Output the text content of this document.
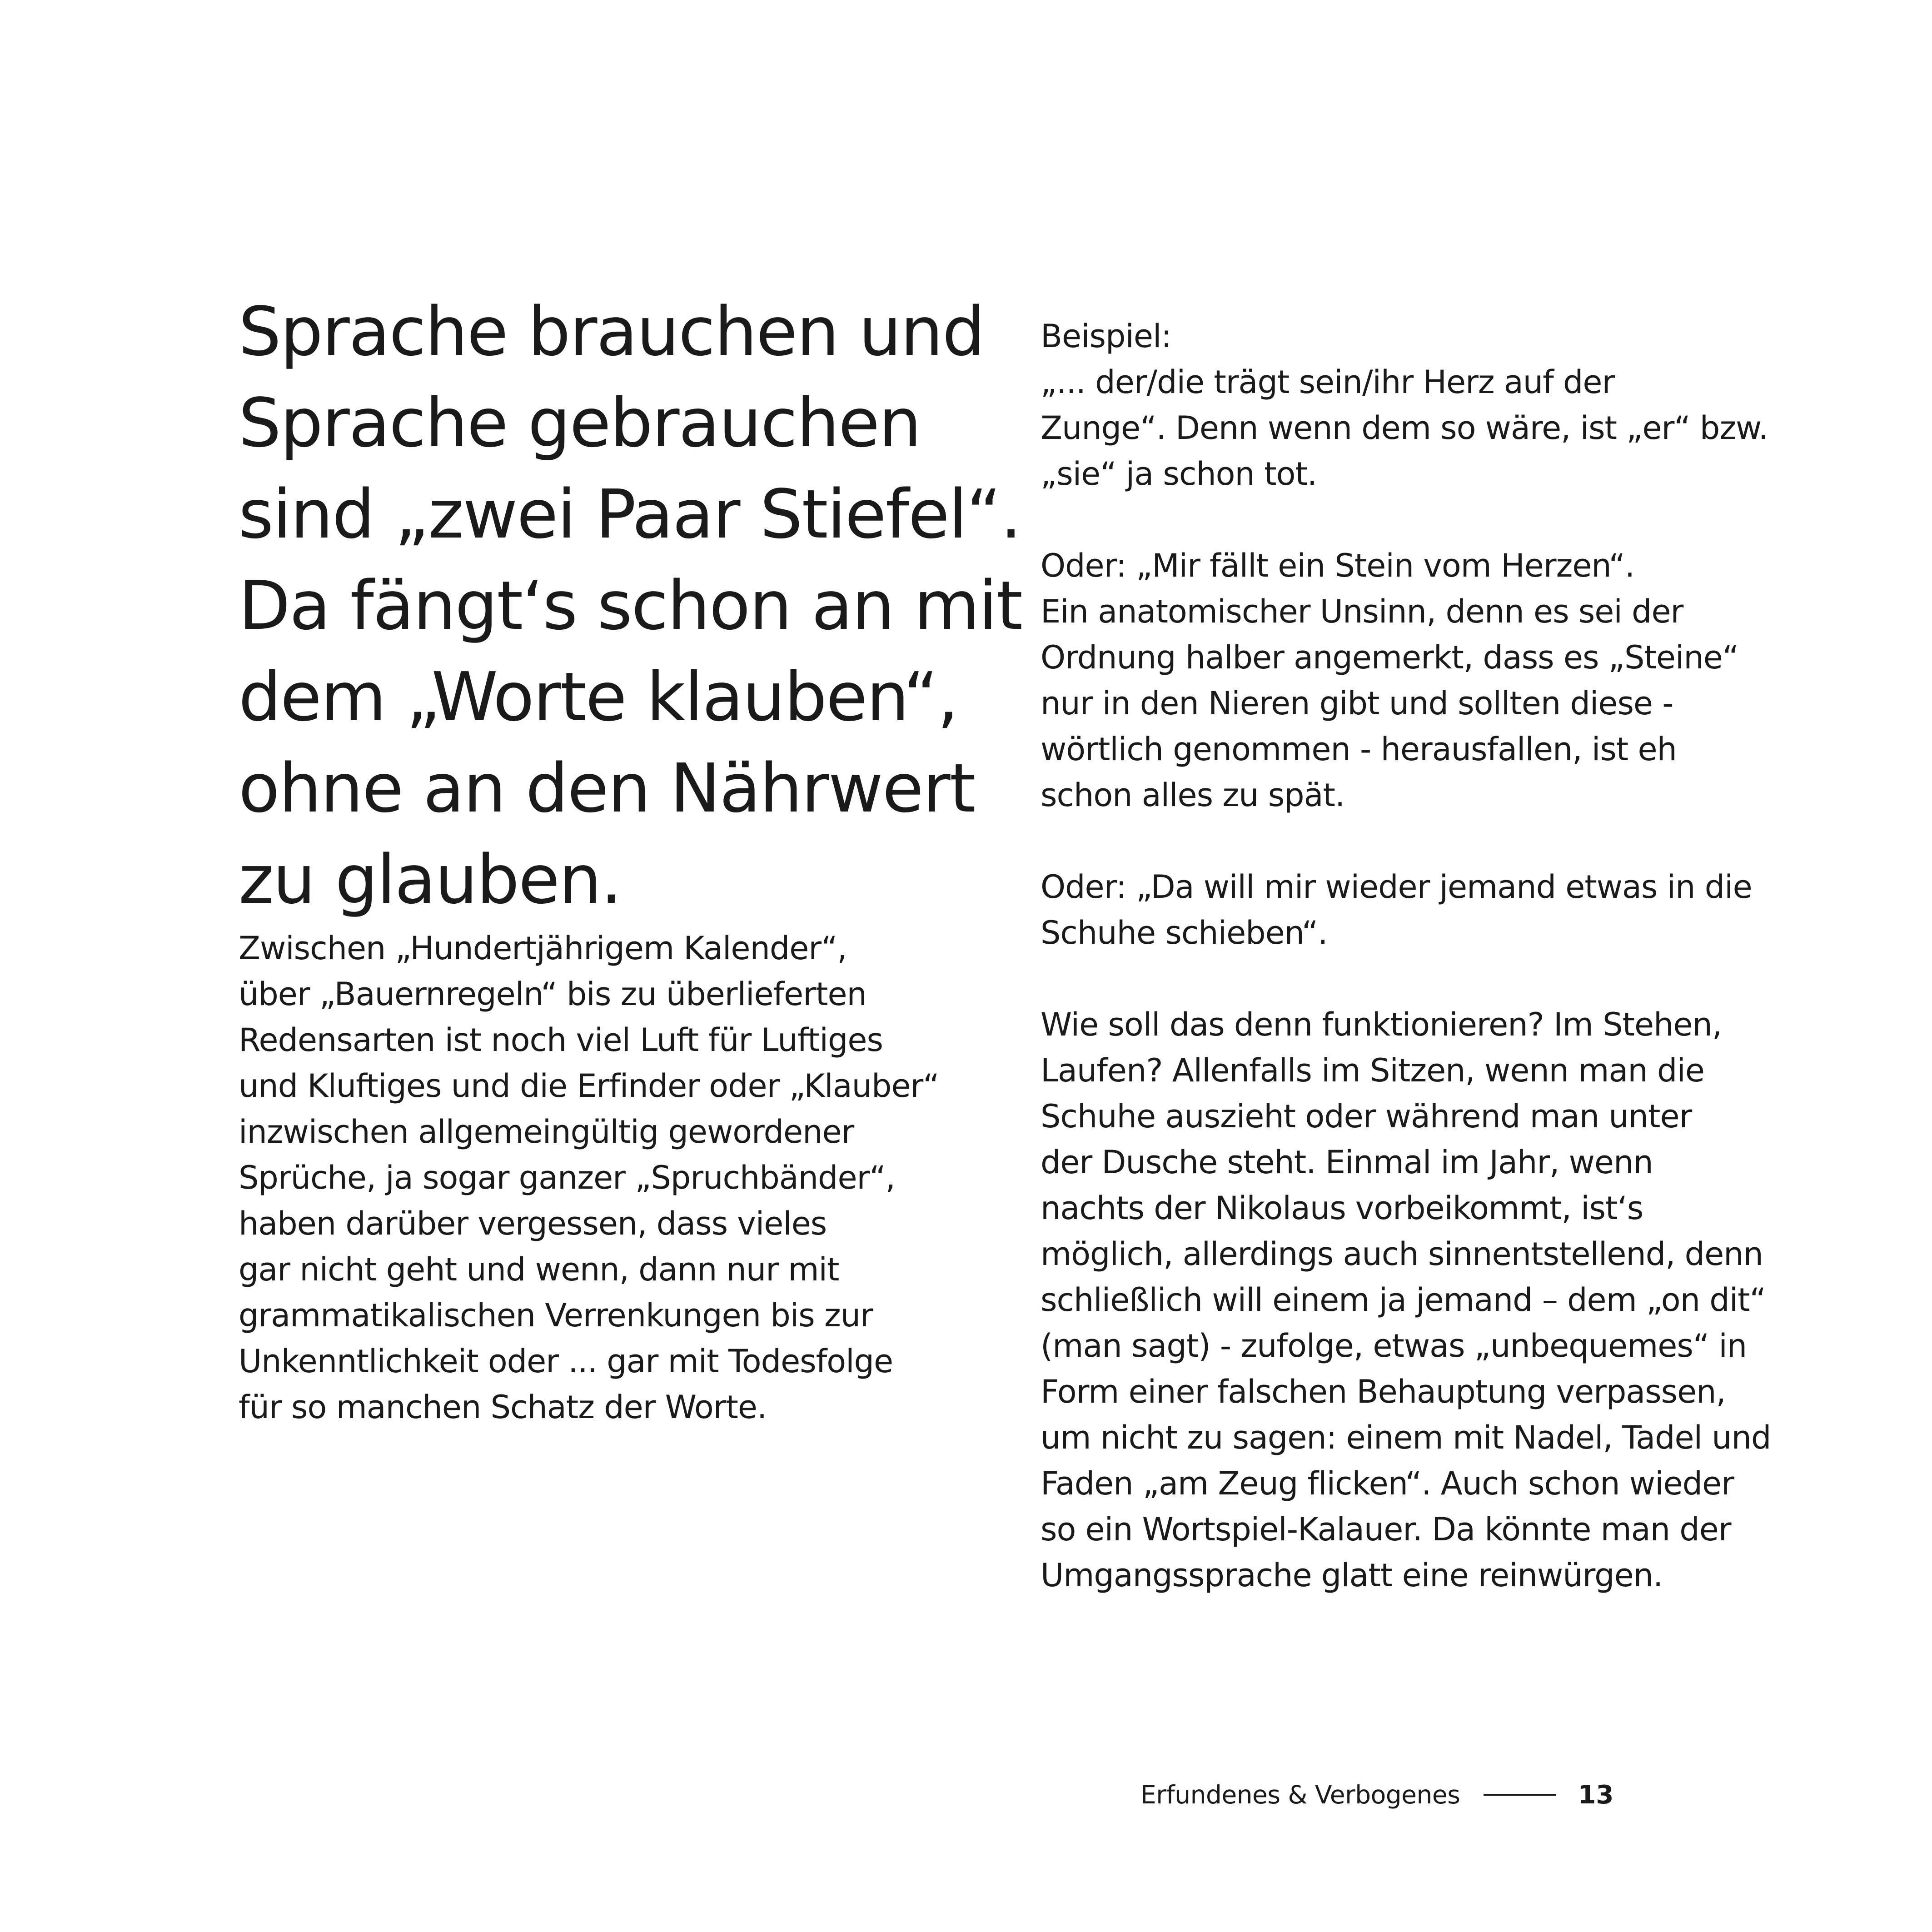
Sprache brauchen und
Sprache gebrauchen
sind „zwei Paar Stiefel“.
Da fängt‘s schon an mit
dem „Worte klauben“,
ohne an den Nährwert
zu glauben.

Zwischen „Hundertjährigem Kalender“,
über „Bauernregeln“ bis zu überlieferten
Redensarten ist noch viel Luft für Luftiges
und Kluftiges und die Erfinder oder „Klauber“
inzwischen allgemeingültig gewordener
Sprüche, ja sogar ganzer „Spruchbänder“,
haben darüber vergessen, dass vieles
gar nicht geht und wenn, dann nur mit
grammatikalischen Verrenkungen bis zur
Unkenntlichkeit oder ... gar mit Todesfolge
für so manchen Schatz der Worte.

Beispiel:
„... der/die trägt sein/ihr Herz auf der
Zunge“. Denn wenn dem so wäre, ist „er“ bzw.
„sie“ ja schon tot.

Oder: „Mir fällt ein Stein vom Herzen“.
Ein anatomischer Unsinn, denn es sei der
Ordnung halber angemerkt, dass es „Steine“
nur in den Nieren gibt und sollten diese -
wörtlich genommen - herausfallen, ist eh
schon alles zu spät.

Oder: „Da will mir wieder jemand etwas in die
Schuhe schieben“.

Wie soll das denn funktionieren? Im Stehen,
Laufen? Allenfalls im Sitzen, wenn man die
Schuhe auszieht oder während man unter
der Dusche steht. Einmal im Jahr, wenn
nachts der Nikolaus vorbeikommt, ist‘s
möglich, allerdings auch sinnentstellend, denn
schließlich will einem ja jemand – dem „on dit“
(man sagt) - zufolge, etwas „unbequemes“ in
Form einer falschen Behauptung verpassen,
um nicht zu sagen: einem mit Nadel, Tadel und
Faden „am Zeug flicken“. Auch schon wieder
so ein Wortspiel-Kalauer. Da könnte man der
Umgangssprache glatt eine reinwürgen.

Erfundenes & Verbogenes	13
